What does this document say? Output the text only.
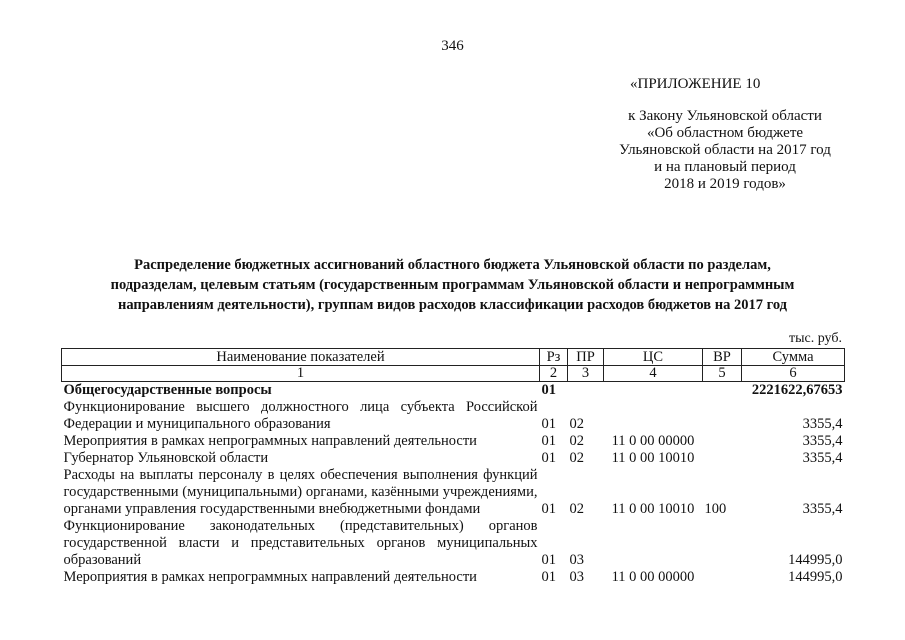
346
«ПРИЛОЖЕНИЕ 10
к Закону Ульяновской области
«Об областном бюджете
Ульяновской области на 2017 год
и на плановый период
2018 и 2019 годов»
Распределение бюджетных ассигнований областного бюджета Ульяновской области по разделам,
подразделам, целевым статьям (государственным программам Ульяновской области и непрограммным
направлениям деятельности), группам видов расходов классификации расходов бюджетов на 2017 год
тыс. руб.
Наименование показателей	Рз	ПР	ЦС	ВР	Сумма
1	2	3	4	5	6
Общегосударственные вопросы	01				2221622,67653
Функционирование высшего должностного лица субъекта Российской Федерации и муниципального образования	01	02			3355,4
Мероприятия в рамках непрограммных направлений деятельности	01	02	11 0 00 00000		3355,4
Губернатор Ульяновской области	01	02	11 0 00 10010		3355,4
Расходы на выплаты персоналу в целях обеспечения выполнения функций государственными (муниципальными) органами, казёнными учреждениями, органами управления государственными внебюджетными фондами	01	02	11 0 00 10010	100	3355,4
Функционирование законодательных (представительных) органов государственной власти и представительных органов муниципальных образований	01	03			144995,0
Мероприятия в рамках непрограммных направлений деятельности	01	03	11 0 00 00000		144995,0
